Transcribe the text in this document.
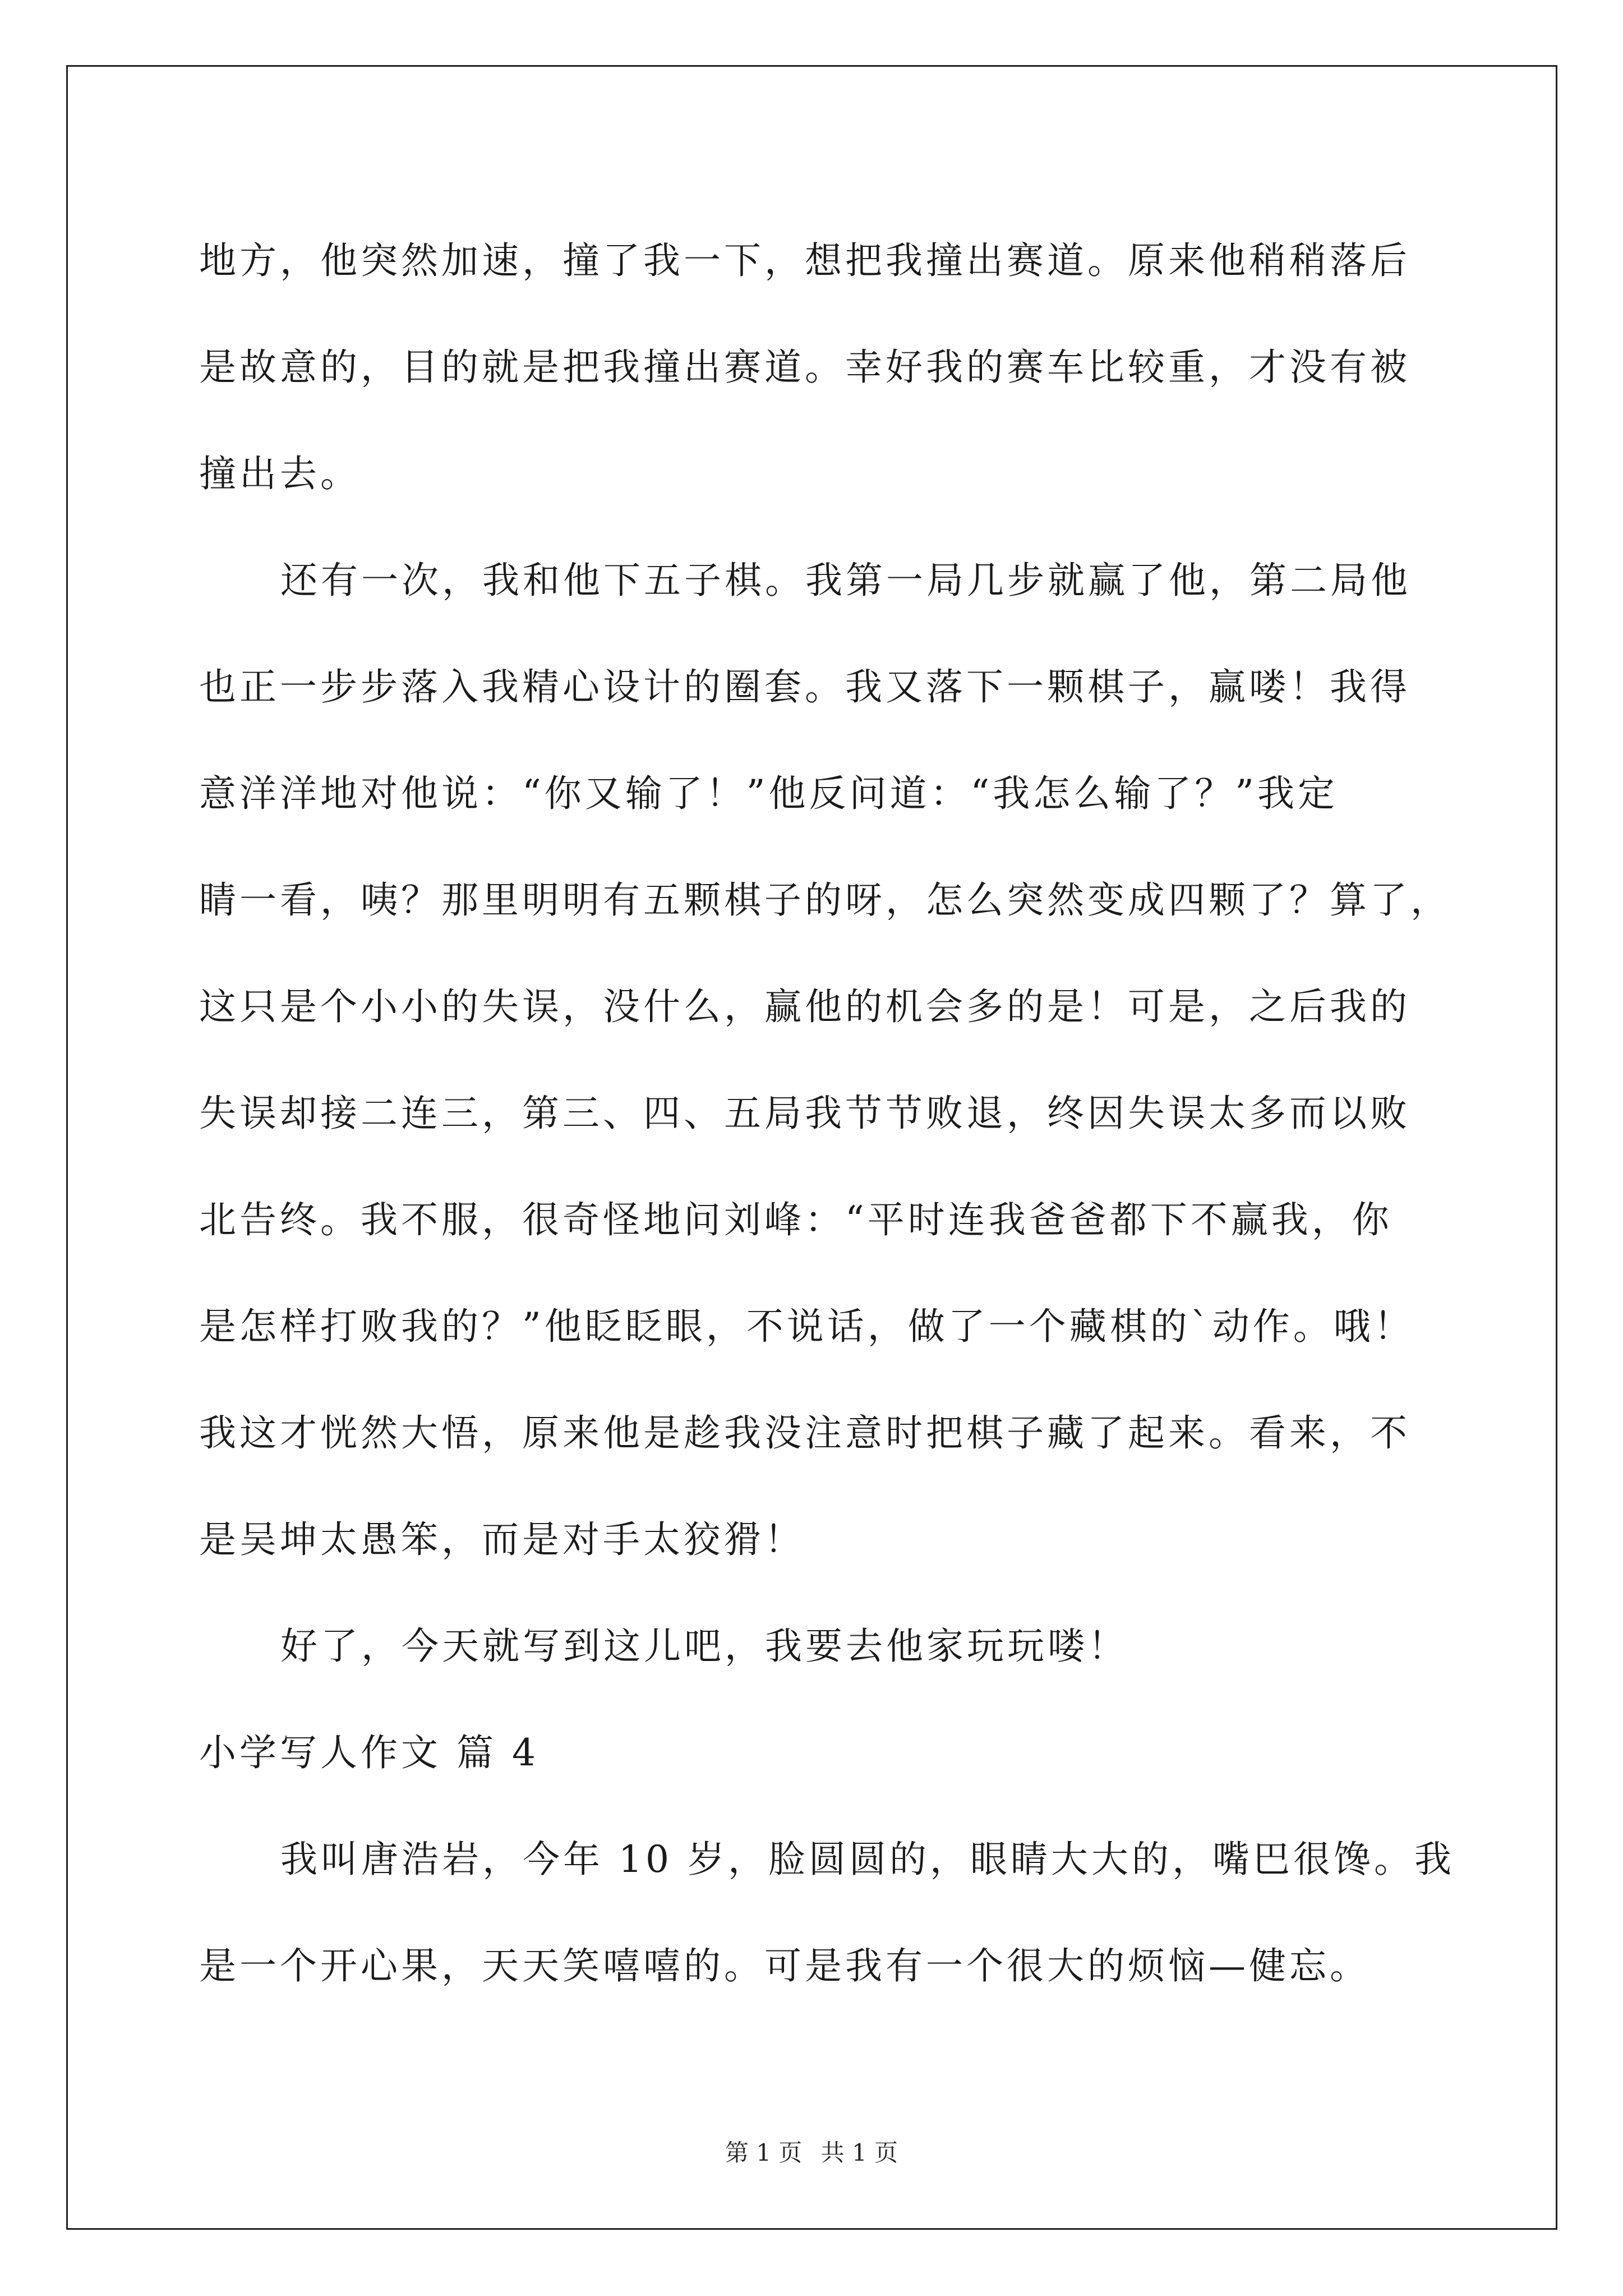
地方，他突然加速，撞了我一下，想把我撞出赛道。原来他稍稍落后
是故意的，目的就是把我撞出赛道。幸好我的赛车比较重，才没有被
撞出去。
还有一次，我和他下五子棋。我第一局几步就赢了他，第二局他
也正一步步落入我精心设计的圈套。我又落下一颗棋子，赢喽！我得
意洋洋地对他说：“你又输了！”他反问道：“我怎么输了？”我定
睛一看，咦？那里明明有五颗棋子的呀，怎么突然变成四颗了？算了，
这只是个小小的失误，没什么，赢他的机会多的是！可是，之后我的
失误却接二连三，第三、四、五局我节节败退，终因失误太多而以败
北告终。我不服，很奇怪地问刘峰：“平时连我爸爸都下不赢我，你
是怎样打败我的？”他眨眨眼，不说话，做了一个藏棋的`动作。哦！
我这才恍然大悟，原来他是趁我没注意时把棋子藏了起来。看来，不
是吴坤太愚笨，而是对手太狡猾！
好了，今天就写到这儿吧，我要去他家玩玩喽！
小学写人作文 篇 4
我叫唐浩岩，今年 10 岁，脸圆圆的，眼睛大大的，嘴巴很馋。我
是一个开心果，天天笑嘻嘻的。可是我有一个很大的烦恼—健忘。
第 1 页 共 1 页
